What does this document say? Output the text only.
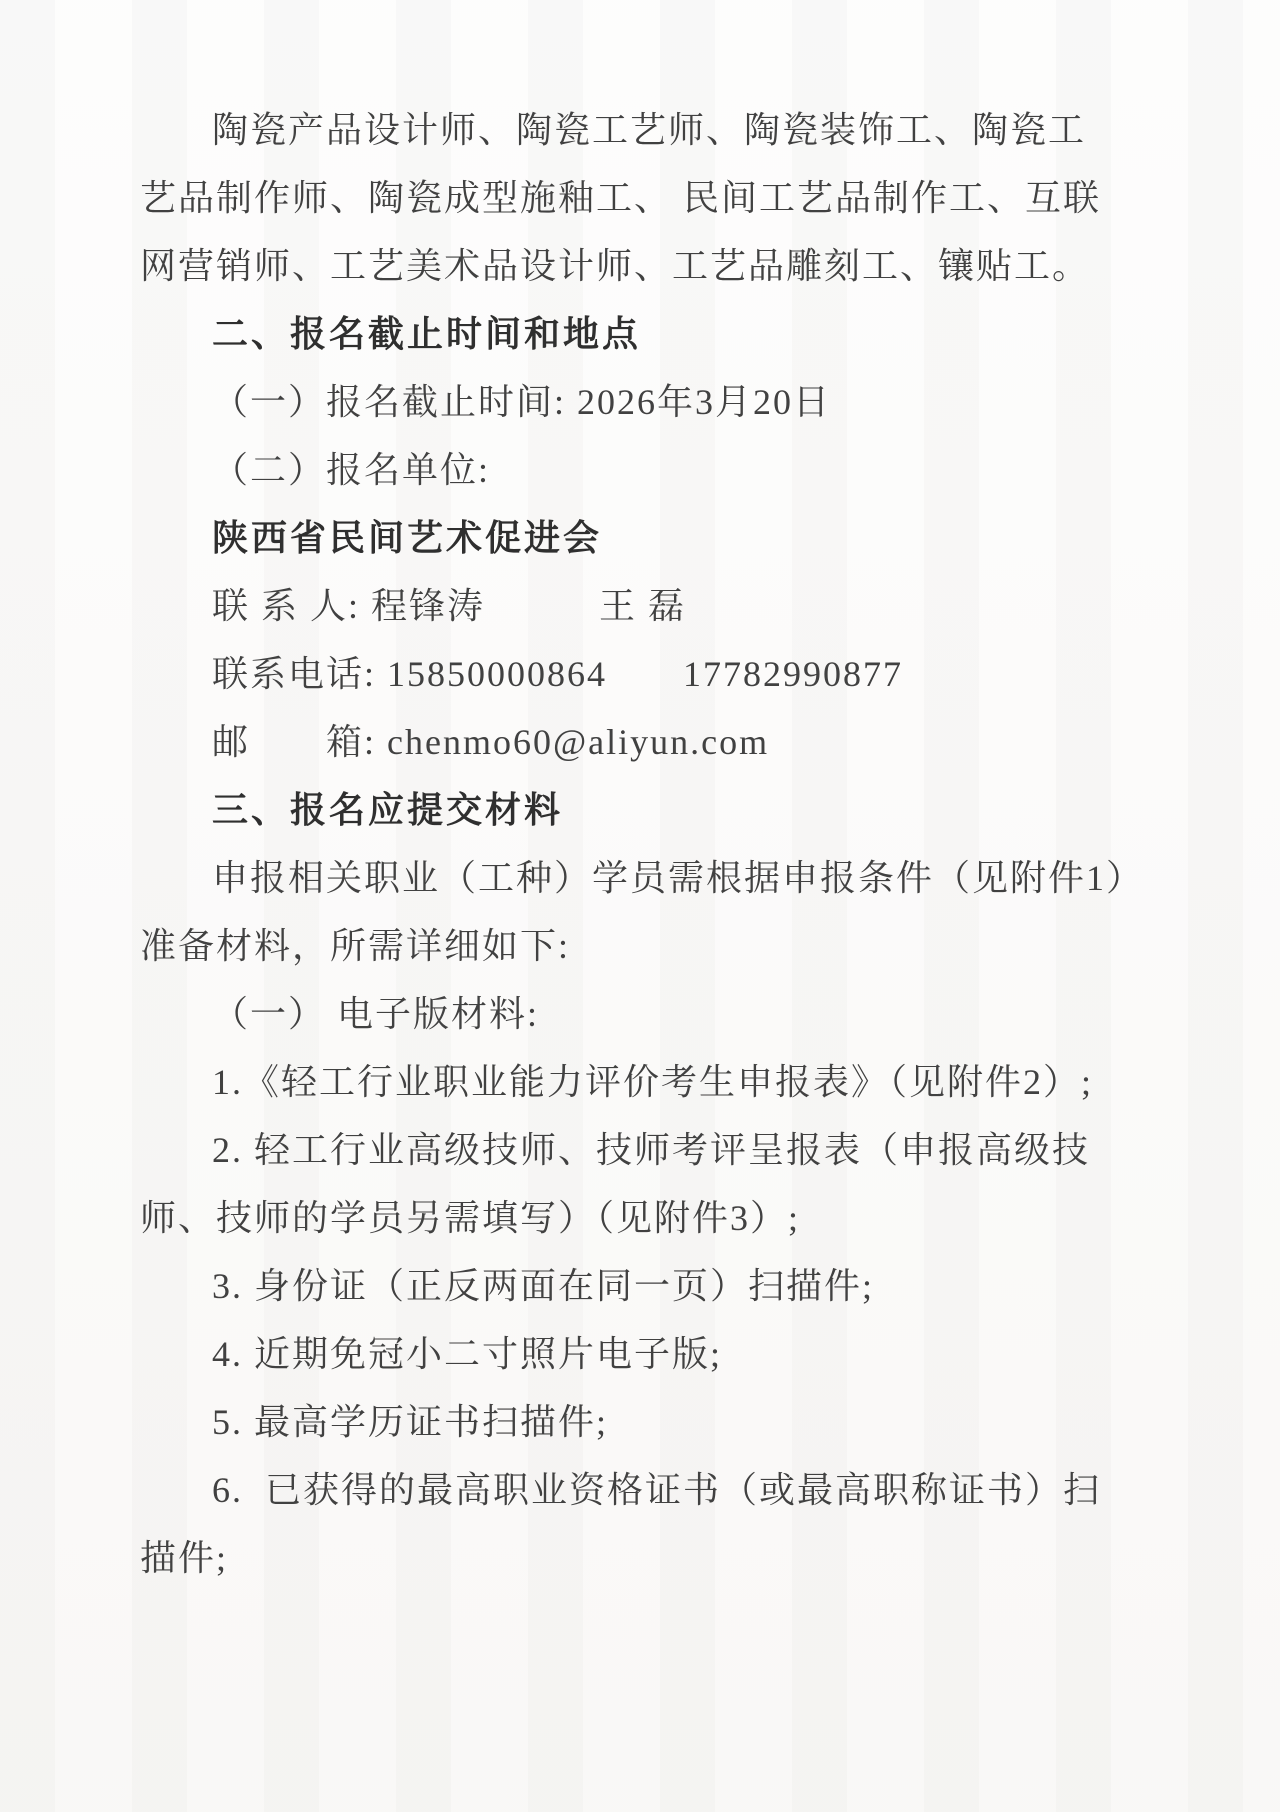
陶瓷产品设计师、陶瓷工艺师、陶瓷装饰工、陶瓷工
艺品制作师、陶瓷成型施釉工、 民间工艺品制作工、互联
网营销师、工艺美术品设计师、工艺品雕刻工、镶贴工。
二、报名截止时间和地点
（一）报名截止时间: 2026年3月20日
（二）报名单位:
陕西省民间艺术促进会
联 系 人: 程锋涛　　　王 磊
联系电话: 15850000864　　17782990877
邮　　箱: chenmo60@aliyun.com
三、报名应提交材料
申报相关职业（工种）学员需根据申报条件（见附件1）
准备材料，所需详细如下:
（一） 电子版材料:
1.《轻工行业职业能力评价考生申报表》（见附件2）;
2. 轻工行业高级技师、技师考评呈报表（申报高级技
师、技师的学员另需填写）（见附件3）;
3. 身份证（正反两面在同一页）扫描件;
4. 近期免冠小二寸照片电子版;
5. 最高学历证书扫描件;
6.  已获得的最高职业资格证书（或最高职称证书）扫
描件;
